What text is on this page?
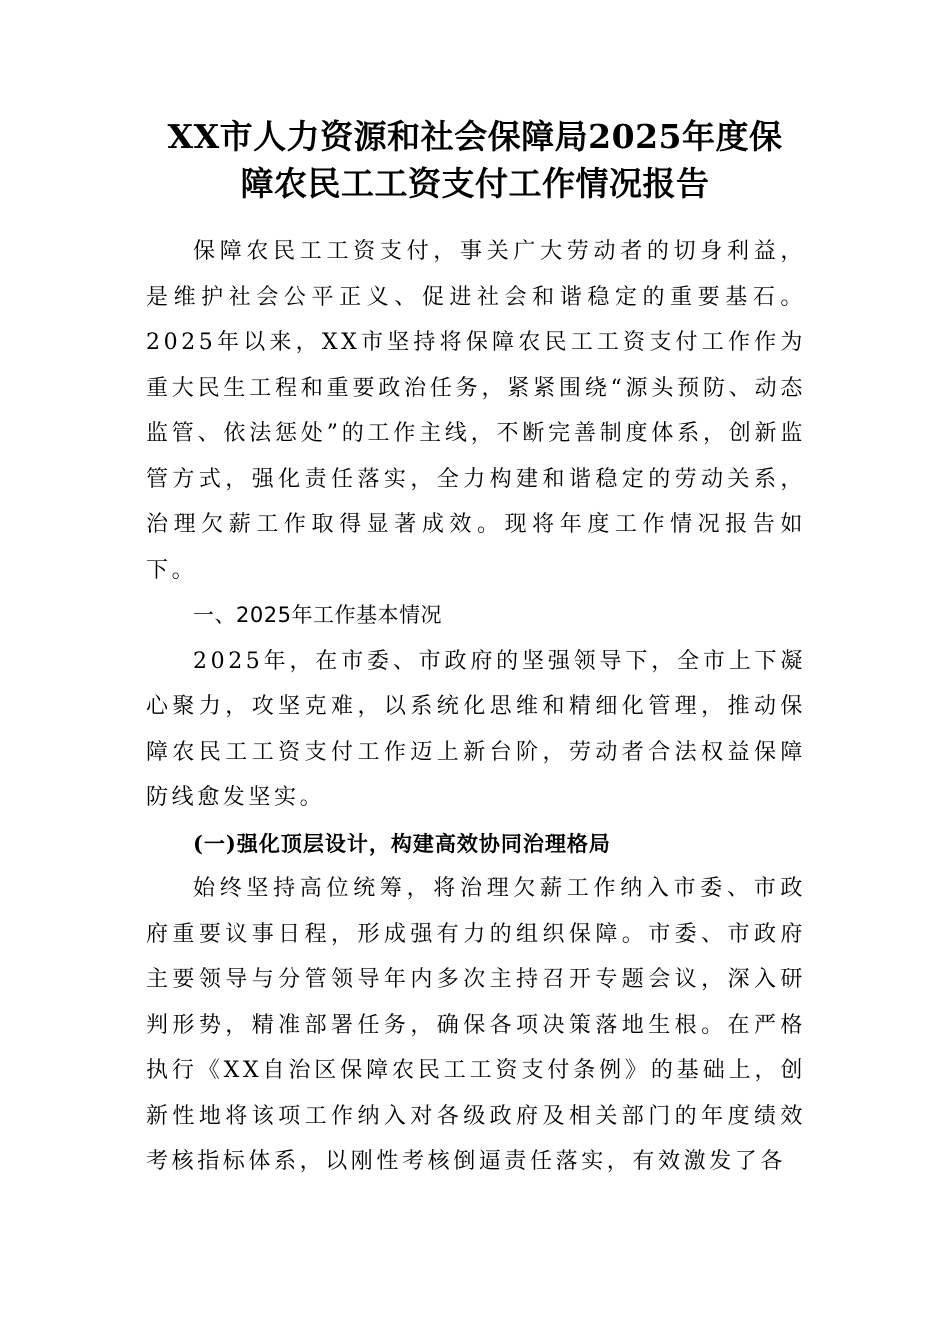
XX市人力资源和社会保障局2025年度保
障农民工工资支付工作情况报告

保障农民工工资支付，事关广大劳动者的切身利益，是维护社会公平正义、促进社会和谐稳定的重要基石。2025年以来，XX市坚持将保障农民工工资支付工作作为重大民生工程和重要政治任务，紧紧围绕“源头预防、动态监管、依法惩处”的工作主线，不断完善制度体系，创新监管方式，强化责任落实，全力构建和谐稳定的劳动关系，治理欠薪工作取得显著成效。现将年度工作情况报告如下。

一、2025年工作基本情况

2025年，在市委、市政府的坚强领导下，全市上下凝心聚力，攻坚克难，以系统化思维和精细化管理，推动保障农民工工资支付工作迈上新台阶，劳动者合法权益保障防线愈发坚实。

(一)强化顶层设计，构建高效协同治理格局

始终坚持高位统筹，将治理欠薪工作纳入市委、市政府重要议事日程，形成强有力的组织保障。市委、市政府主要领导与分管领导年内多次主持召开专题会议，深入研判形势，精准部署任务，确保各项决策落地生根。在严格执行《XX自治区保障农民工工资支付条例》的基础上，创新性地将该项工作纳入对各级政府及相关部门的年度绩效考核指标体系，以刚性考核倒逼责任落实，有效激发了各
